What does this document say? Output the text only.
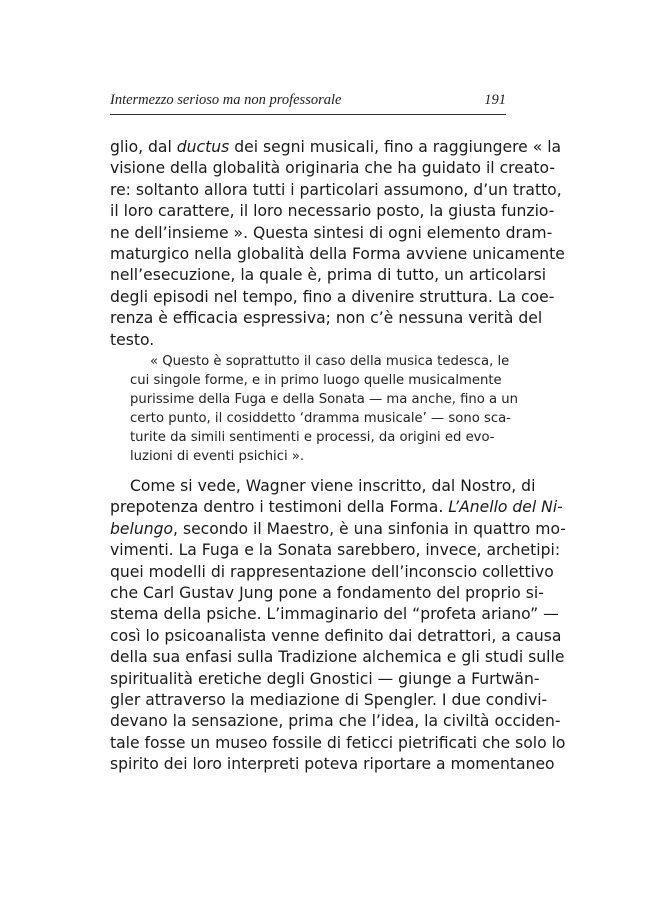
Intermezzo serioso ma non professorale	191

glio, dal ductus dei segni musicali, fino a raggiungere « la
visione della globalità originaria che ha guidato il creato-
re: soltanto allora tutti i particolari assumono, d’un tratto,
il loro carattere, il loro necessario posto, la giusta funzio-
ne dell’insieme ». Questa sintesi di ogni elemento dram-
maturgico nella globalità della Forma avviene unicamente
nell’esecuzione, la quale è, prima di tutto, un articolarsi
degli episodi nel tempo, fino a divenire struttura. La coe-
renza è efficacia espressiva; non c’è nessuna verità del
testo.

« Questo è soprattutto il caso della musica tedesca, le
cui singole forme, e in primo luogo quelle musicalmente
purissime della Fuga e della Sonata — ma anche, fino a un
certo punto, il cosiddetto ‘dramma musicale’ — sono sca-
turite da simili sentimenti e processi, da origini ed evo-
luzioni di eventi psichici ».

Come si vede, Wagner viene inscritto, dal Nostro, di
prepotenza dentro i testimoni della Forma. L’Anello del Ni-
belungo, secondo il Maestro, è una sinfonia in quattro mo-
vimenti. La Fuga e la Sonata sarebbero, invece, archetipi:
quei modelli di rappresentazione dell’inconscio collettivo
che Carl Gustav Jung pone a fondamento del proprio si-
stema della psiche. L’immaginario del “profeta ariano” —
così lo psicoanalista venne definito dai detrattori, a causa
della sua enfasi sulla Tradizione alchemica e gli studi sulle
spiritualità eretiche degli Gnostici — giunge a Furtwän-
gler attraverso la mediazione di Spengler. I due condivi-
devano la sensazione, prima che l’idea, la civiltà occiden-
tale fosse un museo fossile di feticci pietrificati che solo lo
spirito dei loro interpreti poteva riportare a momentaneo
